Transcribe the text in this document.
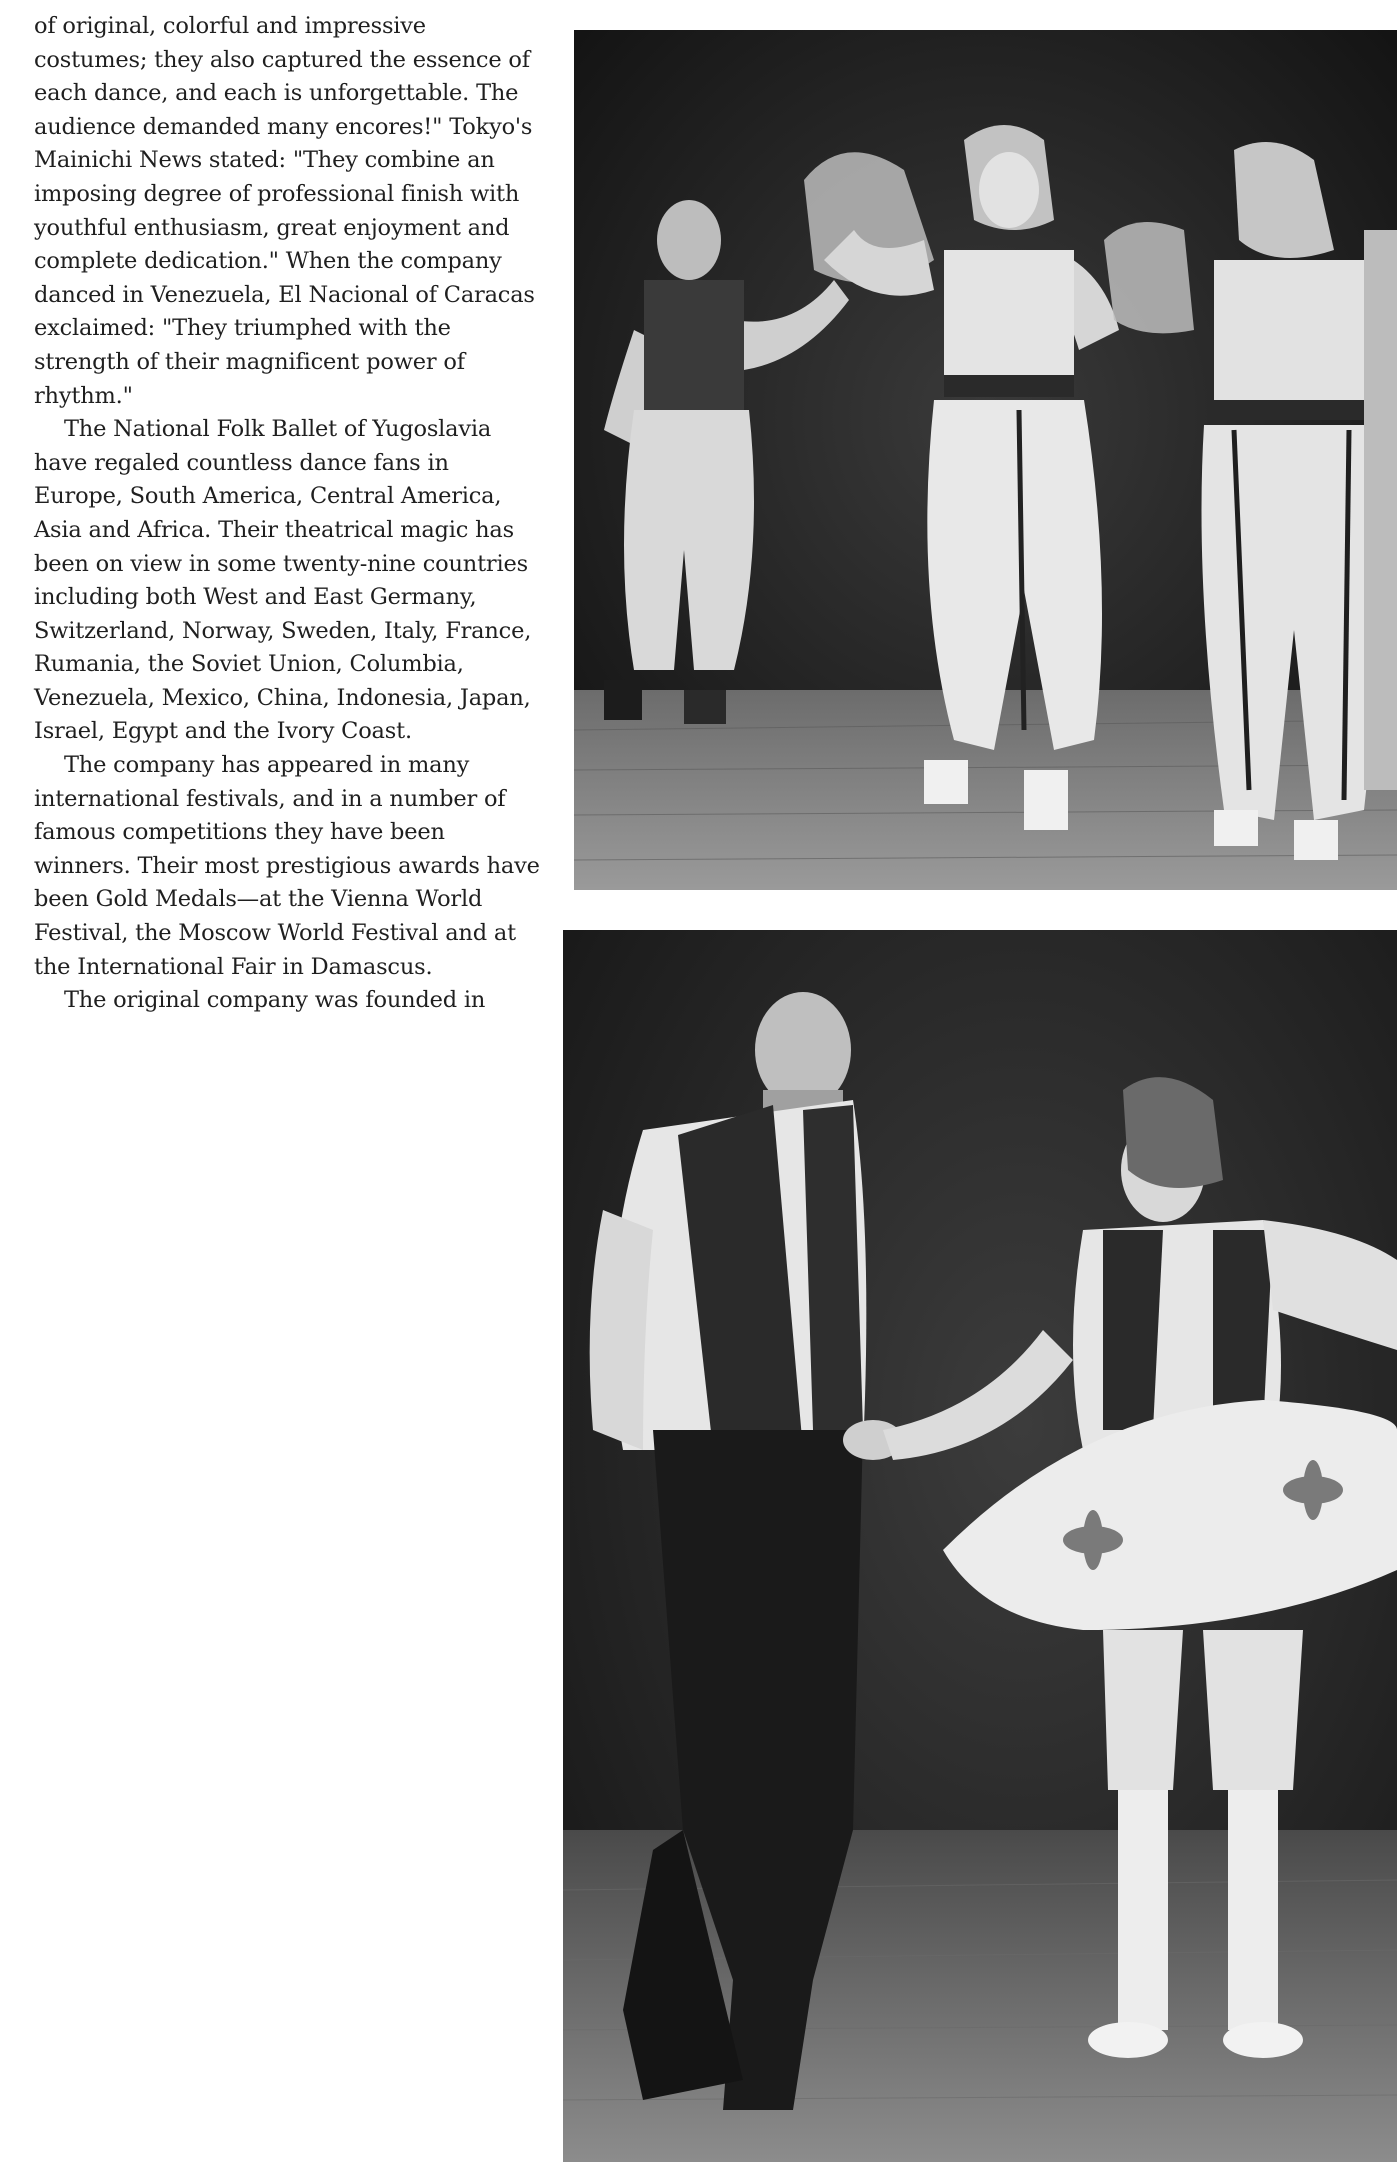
of original, colorful and impressive costumes; they also captured the essence of each dance, and each is unforgettable. The audience demanded many encores!" Tokyo's Mainichi News stated: "They combine an imposing degree of professional finish with youthful enthusiasm, great enjoyment and complete dedication." When the company danced in Venezuela, El Nacional of Caracas exclaimed: "They triumphed with the strength of their magnificent power of rhythm."

The National Folk Ballet of Yugoslavia have regaled countless dance fans in Europe, South America, Central America, Asia and Africa. Their theatrical magic has been on view in some twenty-nine countries including both West and East Germany, Switzerland, Norway, Sweden, Italy, France, Rumania, the Soviet Union, Columbia, Venezuela, Mexico, China, Indonesia, Japan, Israel, Egypt and the Ivory Coast.

The company has appeared in many international festivals, and in a number of famous competitions they have been winners. Their most prestigious awards have been Gold Medals—at the Vienna World Festival, the Moscow World Festival and at the International Fair in Damascus.

The original company was founded in
